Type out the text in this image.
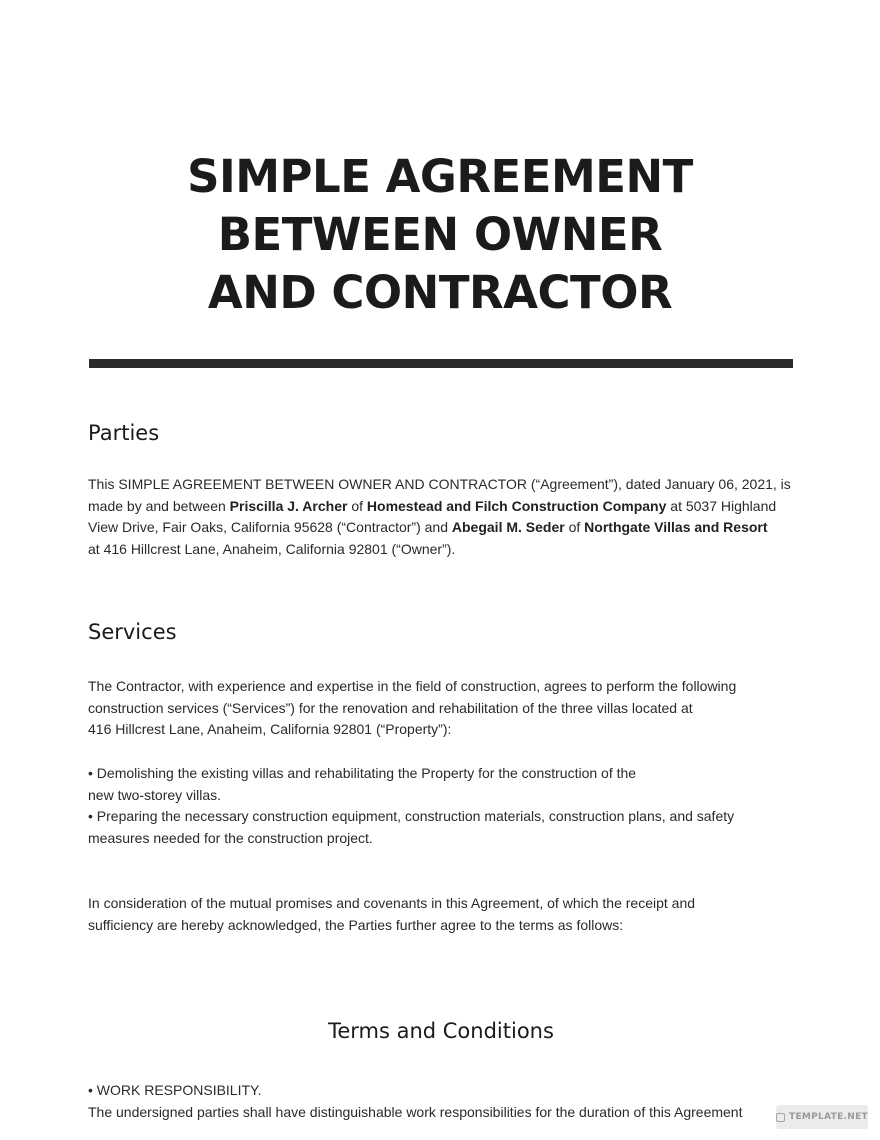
SIMPLE AGREEMENT
BETWEEN OWNER
AND CONTRACTOR
Parties

This SIMPLE AGREEMENT BETWEEN OWNER AND CONTRACTOR (“Agreement”), dated January 06, 2021, is
made by and between Priscilla J. Archer of Homestead and Filch Construction Company at 5037 Highland
View Drive, Fair Oaks, California 95628 (“Contractor”) and Abegail M. Seder of Northgate Villas and Resort
at 416 Hillcrest Lane, Anaheim, California 92801 (“Owner”).

Services

The Contractor, with experience and expertise in the field of construction, agrees to perform the following
construction services (“Services”) for the renovation and rehabilitation of the three villas located at
416 Hillcrest Lane, Anaheim, California 92801 (“Property”):

• Demolishing the existing villas and rehabilitating the Property for the construction of the
new two-storey villas.
• Preparing the necessary construction equipment, construction materials, construction plans, and safety
measures needed for the construction project.

In consideration of the mutual promises and covenants in this Agreement, of which the receipt and
sufficiency are hereby acknowledged, the Parties further agree to the terms as follows:

Terms and Conditions

• WORK RESPONSIBILITY.
The undersigned parties shall have distinguishable work responsibilities for the duration of this Agreement	TEMPLATE.NET
